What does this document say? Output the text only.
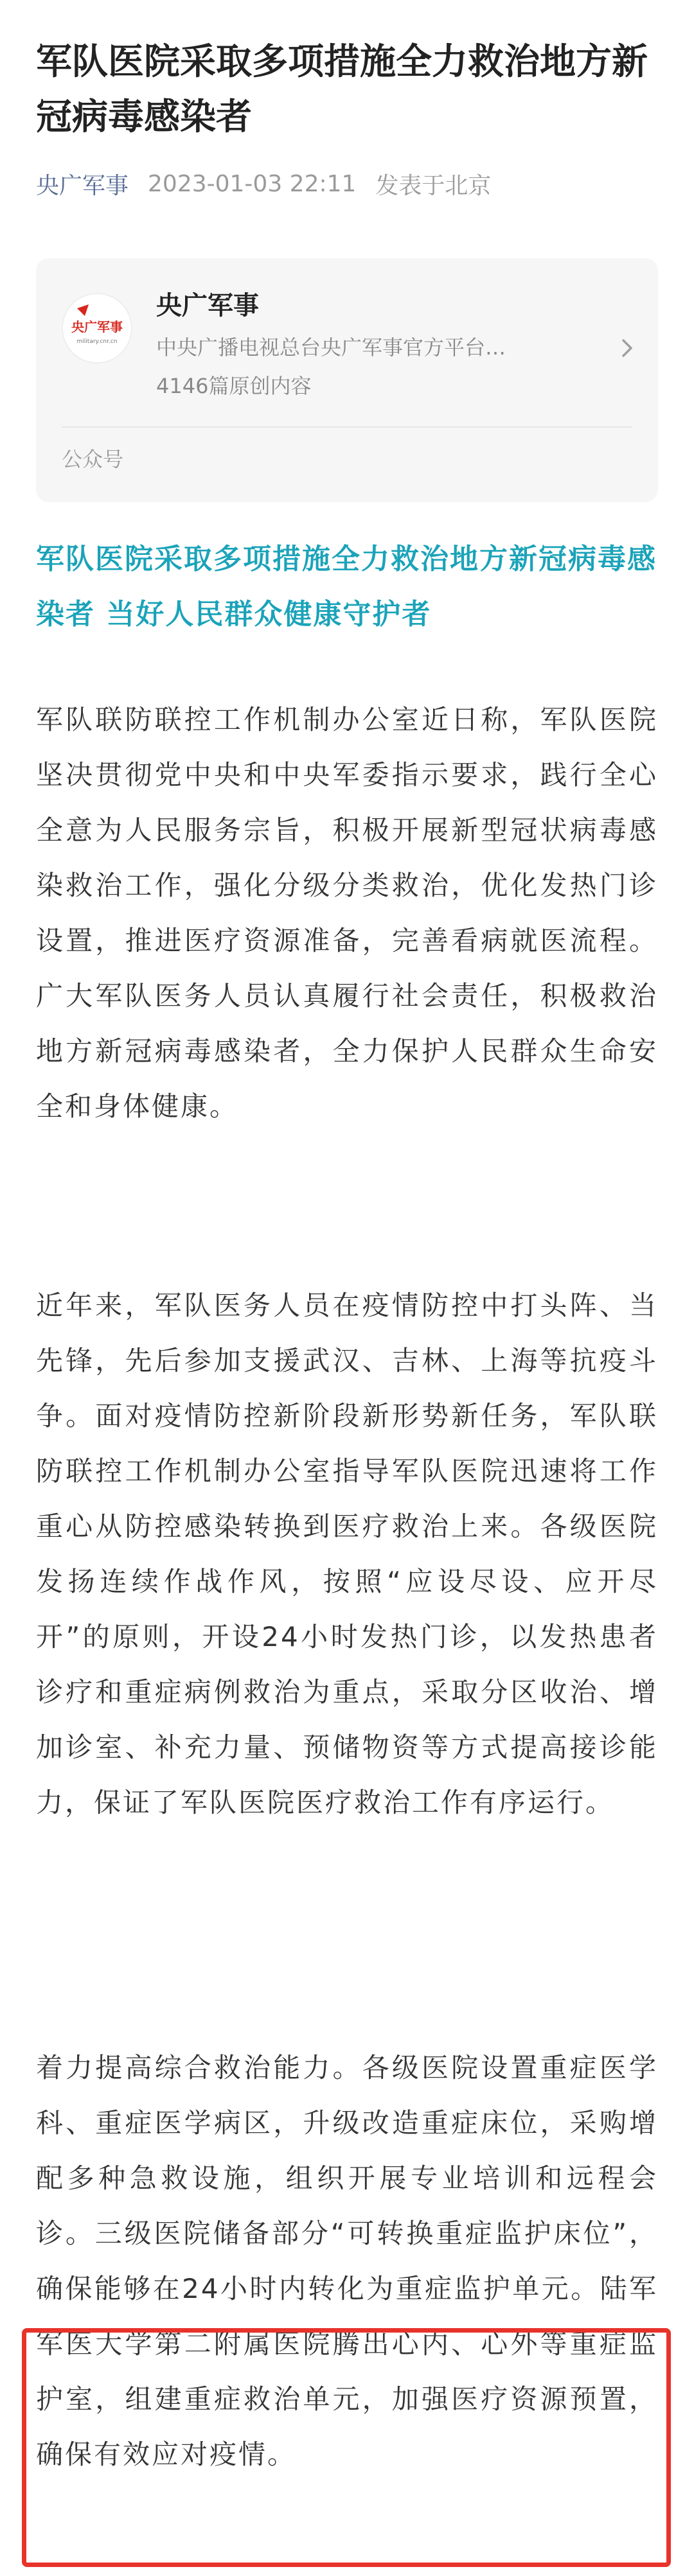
军队医院采取多项措施全力救治地方新冠病毒感染者
央广军事 2023-01-03 22:11 发表于北京
央广军事
military.cnr.cn
央广军事
中央广播电视总台央广军事官方平台…
4146篇原创内容
公众号
军队医院采取多项措施全力救治地方新冠病毒感染者 当好人民群众健康守护者

军队联防联控工作机制办公室近日称，军队医院坚决贯彻党中央和中央军委指示要求，践行全心全意为人民服务宗旨，积极开展新型冠状病毒感染救治工作，强化分级分类救治，优化发热门诊设置，推进医疗资源准备，完善看病就医流程。广大军队医务人员认真履行社会责任，积极救治地方新冠病毒感染者，全力保护人民群众生命安全和身体健康。

近年来，军队医务人员在疫情防控中打头阵、当先锋，先后参加支援武汉、吉林、上海等抗疫斗争。面对疫情防控新阶段新形势新任务，军队联防联控工作机制办公室指导军队医院迅速将工作重心从防控感染转换到医疗救治上来。各级医院发扬连续作战作风，按照“应设尽设、应开尽开”的原则，开设24小时发热门诊，以发热患者诊疗和重症病例救治为重点，采取分区收治、增加诊室、补充力量、预储物资等方式提高接诊能力，保证了军队医院医疗救治工作有序运行。

着力提高综合救治能力。各级医院设置重症医学科、重症医学病区，升级改造重症床位，采购增配多种急救设施，组织开展专业培训和远程会诊。三级医院储备部分“可转换重症监护床位”，确保能够在24小时内转化为重症监护单元。陆军军医大学第二附属医院腾出心内、心外等重症监护室，组建重症救治单元，加强医疗资源预置，确保有效应对疫情。
